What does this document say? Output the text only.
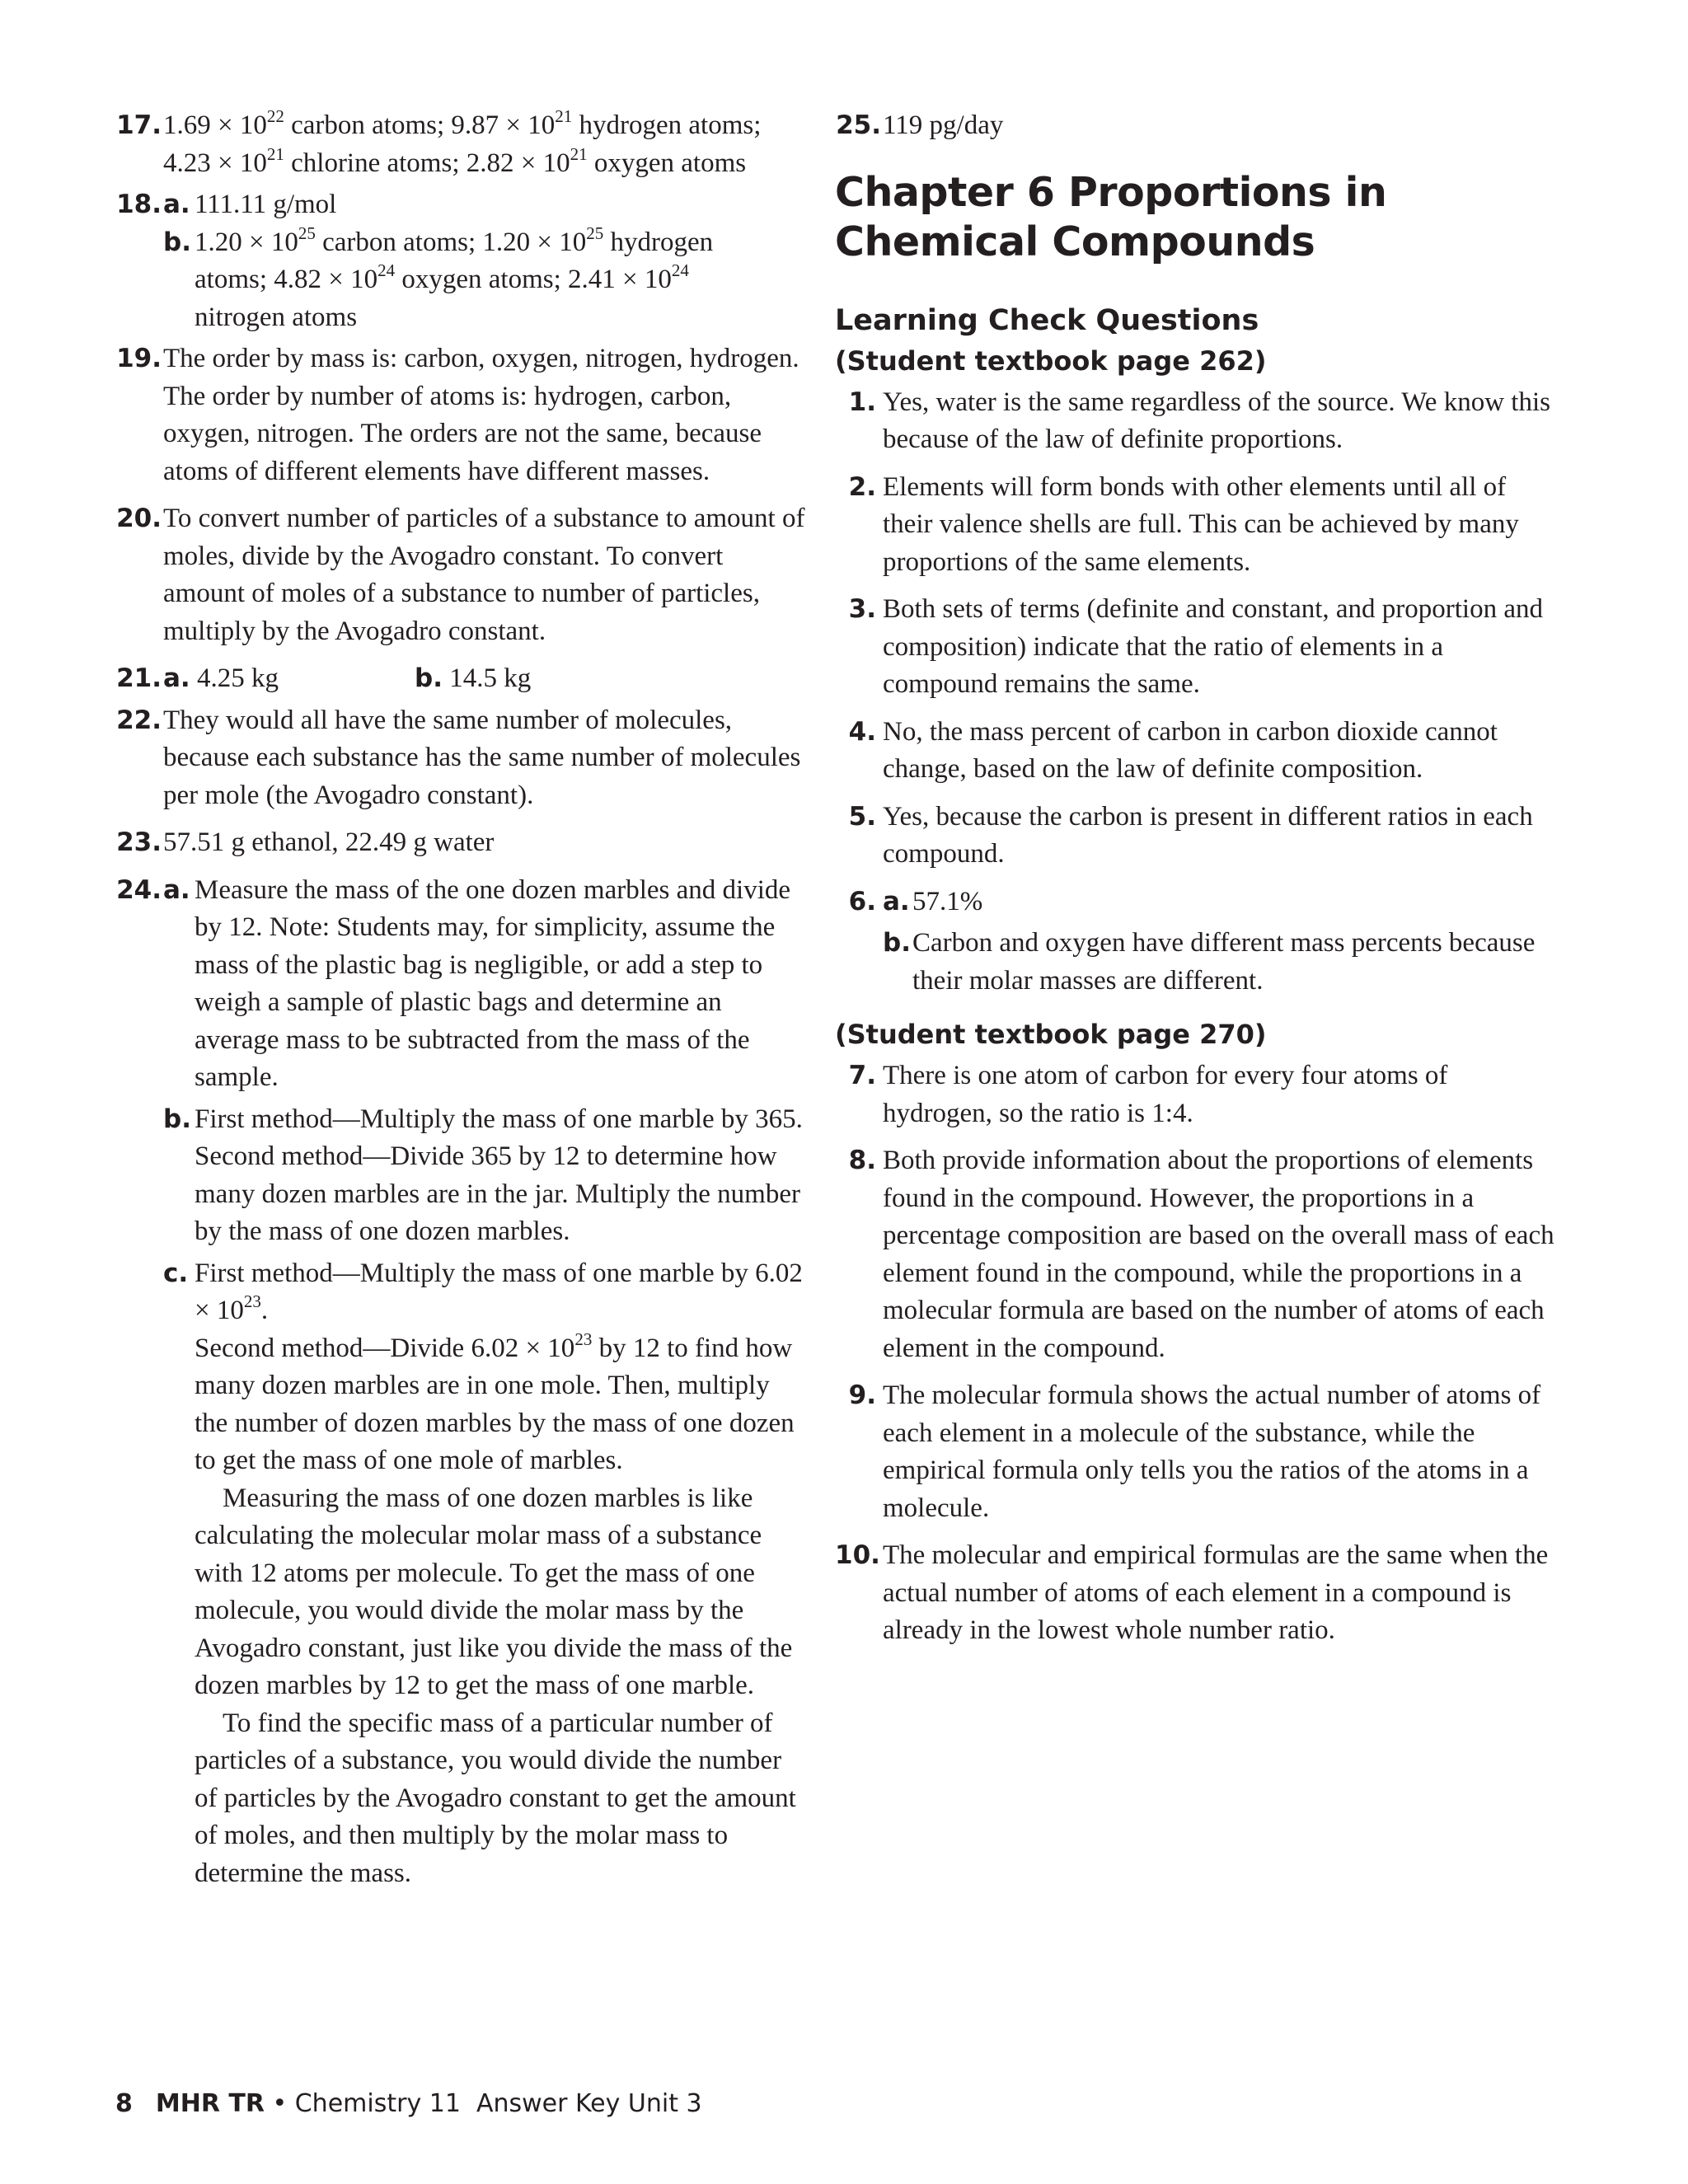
17. $1.69 \times 10^{22}$ carbon atoms; $9.87 \times 10^{21}$ hydrogen atoms;
$4.23 \times 10^{21}$ chlorine atoms; $2.82 \times 10^{21}$ oxygen atoms
18. a. 111.11 g/mol
b. $1.20 \times 10^{25}$ carbon atoms; $1.20 \times 10^{25}$ hydrogen
atoms; $4.82 \times 10^{24}$ oxygen atoms; $2.41 \times 10^{24}$
nitrogen atoms
19. The order by mass is: carbon, oxygen, nitrogen, hydrogen. The order by number of atoms is: hydrogen, carbon, oxygen, nitrogen. The orders are not the same, because atoms of different elements have different masses.
20. To convert number of particles of a substance to amount of moles, divide by the Avogadro constant. To convert amount of moles of a substance to number of particles, multiply by the Avogadro constant.
21. a. 4.25 kg	b. 14.5 kg
22. They would all have the same number of molecules, because each substance has the same number of molecules per mole (the Avogadro constant).
23. 57.51 g ethanol, 22.49 g water
24. a. Measure the mass of the one dozen marbles and divide by 12. Note: Students may, for simplicity, assume the mass of the plastic bag is negligible, or add a step to weigh a sample of plastic bags and determine an average mass to be subtracted from the mass of the sample.
b. First method—Multiply the mass of one marble by 365.
Second method—Divide 365 by 12 to determine how many dozen marbles are in the jar. Multiply the number by the mass of one dozen marbles.
c. First method—Multiply the mass of one marble by $6.02 \times 10^{23}$.
Second method—Divide $6.02 \times 10^{23}$ by 12 to find how many dozen marbles are in one mole. Then, multiply the number of dozen marbles by the mass of one dozen to get the mass of one mole of marbles.
Measuring the mass of one dozen marbles is like calculating the molecular molar mass of a substance with 12 atoms per molecule. To get the mass of one molecule, you would divide the molar mass by the Avogadro constant, just like you divide the mass of the dozen marbles by 12 to get the mass of one marble.
To find the specific mass of a particular number of particles of a substance, you would divide the number of particles by the Avogadro constant to get the amount of moles, and then multiply by the molar mass to determine the mass.
25. 119 pg/day
Chapter 6 Proportions in
Chemical Compounds
Learning Check Questions
(Student textbook page 262)
1. Yes, water is the same regardless of the source. We know this because of the law of definite proportions.
2. Elements will form bonds with other elements until all of their valence shells are full. This can be achieved by many proportions of the same elements.
3. Both sets of terms (definite and constant, and proportion and composition) indicate that the ratio of elements in a compound remains the same.
4. No, the mass percent of carbon in carbon dioxide cannot change, based on the law of definite composition.
5. Yes, because the carbon is present in different ratios in each compound.
6. a. 57.1%
b. Carbon and oxygen have different mass percents because their molar masses are different.
(Student textbook page 270)
7. There is one atom of carbon for every four atoms of hydrogen, so the ratio is 1:4.
8. Both provide information about the proportions of elements found in the compound. However, the proportions in a percentage composition are based on the overall mass of each element found in the compound, while the proportions in a molecular formula are based on the number of atoms of each element in the compound.
9. The molecular formula shows the actual number of atoms of each element in a molecule of the substance, while the empirical formula only tells you the ratios of the atoms in a molecule.
10. The molecular and empirical formulas are the same when the actual number of atoms of each element in a compound is already in the lowest whole number ratio.
8 MHR TR • Chemistry 11  Answer Key Unit 3
